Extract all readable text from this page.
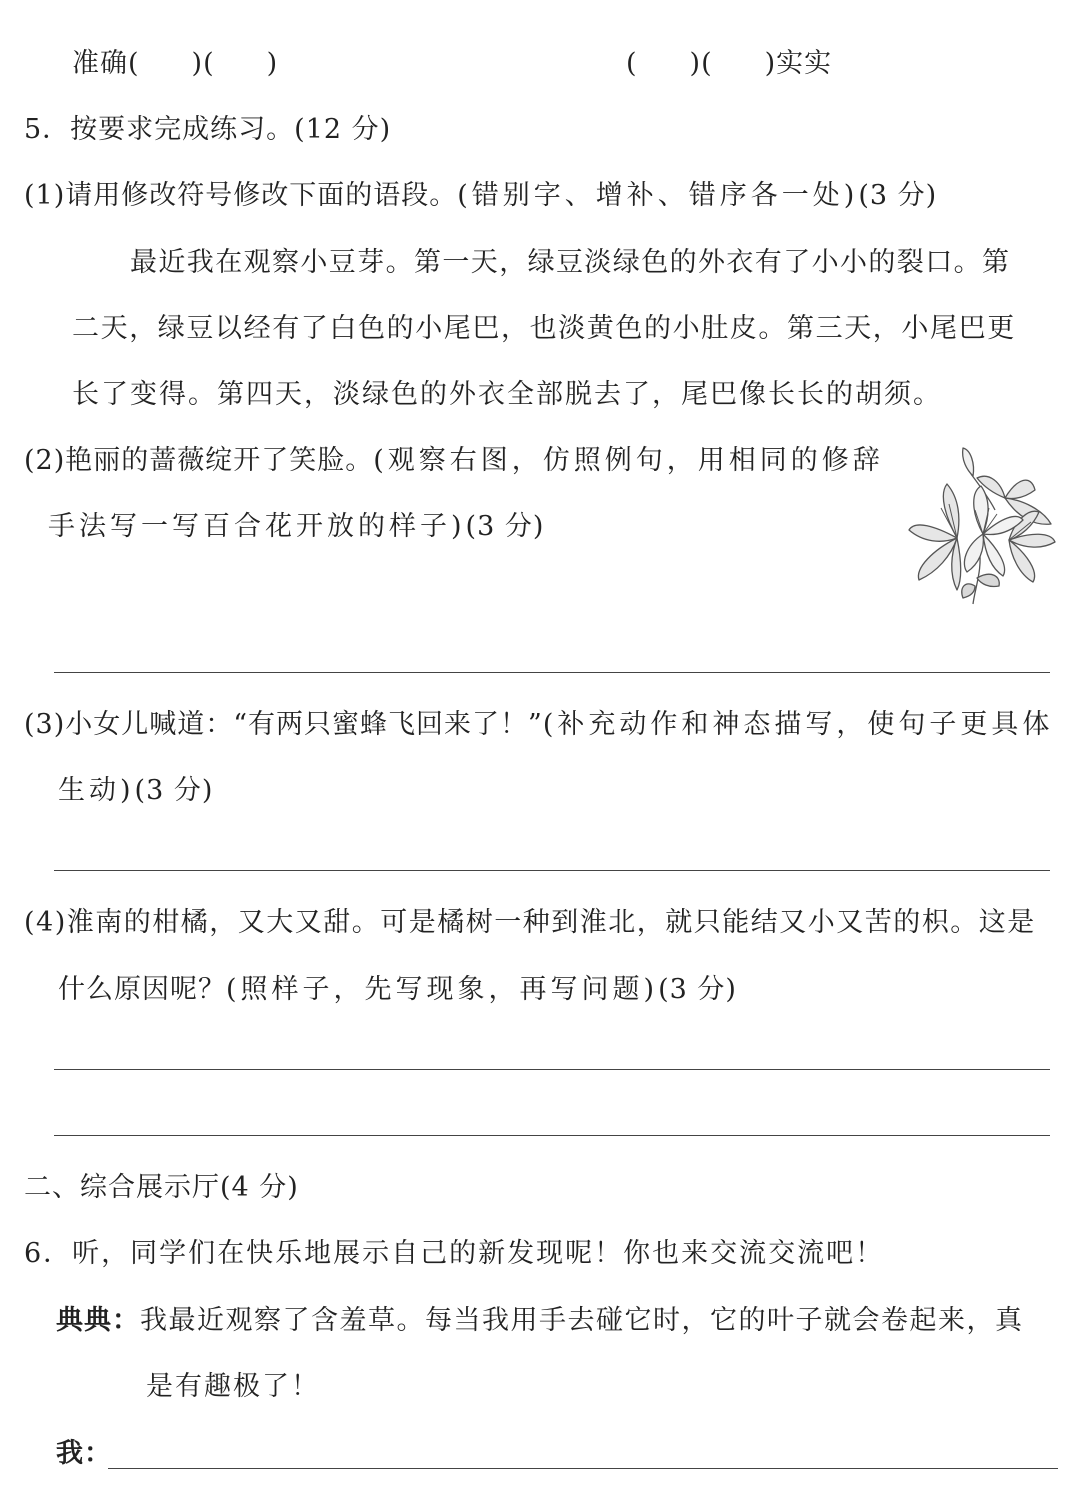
准确( )( )	( )( )实实
5．按要求完成练习。(12 分)
(1)请用修改符号修改下面的语段。(错别字、增补、错序各一处)(3 分)
最近我在观察小豆芽。第一天，绿豆淡绿色的外衣有了小小的裂口。第
二天，绿豆以经有了白色的小尾巴，也淡黄色的小肚皮。第三天，小尾巴更
长了变得。第四天，淡绿色的外衣全部脱去了，尾巴像长长的胡须。
(2)艳丽的蔷薇绽开了笑脸。(观察右图，仿照例句，用相同的修辞
手法写一写百合花开放的样子)(3 分)
(3)小女儿喊道：“有两只蜜蜂飞回来了！”(补充动作和神态描写，使句子更具体
生动)(3 分)
(4)淮南的柑橘，又大又甜。可是橘树一种到淮北，就只能结又小又苦的枳。这是
什么原因呢？(照样子，先写现象，再写问题)(3 分)
二、综合展示厅(4 分)
6．听，同学们在快乐地展示自己的新发现呢！你也来交流交流吧！
典典：我最近观察了含羞草。每当我用手去碰它时，它的叶子就会卷起来，真
是有趣极了！
我：
